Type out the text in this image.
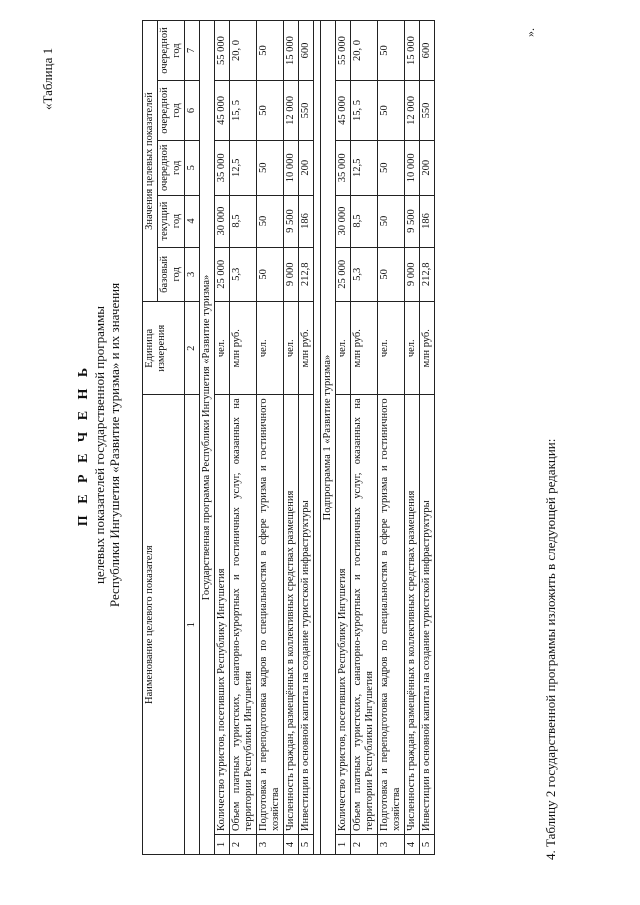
«Таблица 1
П Е Р Е Ч Е Н Ь целевых показателей государственной программы Республики Ингушетия «Развитие туризма» и их значения
Наименование целевого показателя		Единица измерения	Значения целевых показателей				
			базовый год	текущий год	очередной год	очередной год	очередной год
1		2	3	4	5	6	7
Государственная программа Республики Ингушетия «Развитие туризма»							
1	Количество туристов, посетивших Республику Ингушетия	чел.	25 000	30 000	35 000	45 000	55 000
2	Объем платных туристских, санаторно-курортных и гостиничных услуг, оказанных на территории Республики Ингушетия	млн руб.	5,3	8,5	12,5	15, 5	20, 0
3	Подготовка и переподготовка кадров по специальностям в сфере туризма и гостиничного хозяйства	чел.	50	50	50	50	50
4	Численность граждан, размещённых в коллективных средствах размещения	чел.	9 000	9 500	10 000	12 000	15 000
5	Инвестиции в основной капитал на создание туристской инфраструктуры	млн руб.	212,8	186	200	550	600

Подпрограмма 1 «Развитие туризма»							
1	Количество туристов, посетивших Республику Ингушетия	чел.	25 000	30 000	35 000	45 000	55 000
2	Объем платных туристских, санаторно-курортных и гостиничных услуг, оказанных на территории Республики Ингушетия	млн руб.	5,3	8,5	12,5	15, 5	20, 0
3	Подготовка и переподготовка кадров по специальностям в сфере туризма и гостиничного хозяйства	чел.	50	50	50	50	50
4	Численность граждан, размещённых в коллективных средствах размещения	чел.	9 000	9 500	10 000	12 000	15 000
5	Инвестиции в основной капитал на создание туристской инфраструктуры	млн руб.	212,8	186	200	550	600
».
4. Таблицу 2 государственной программы изложить в следующей редакции:
